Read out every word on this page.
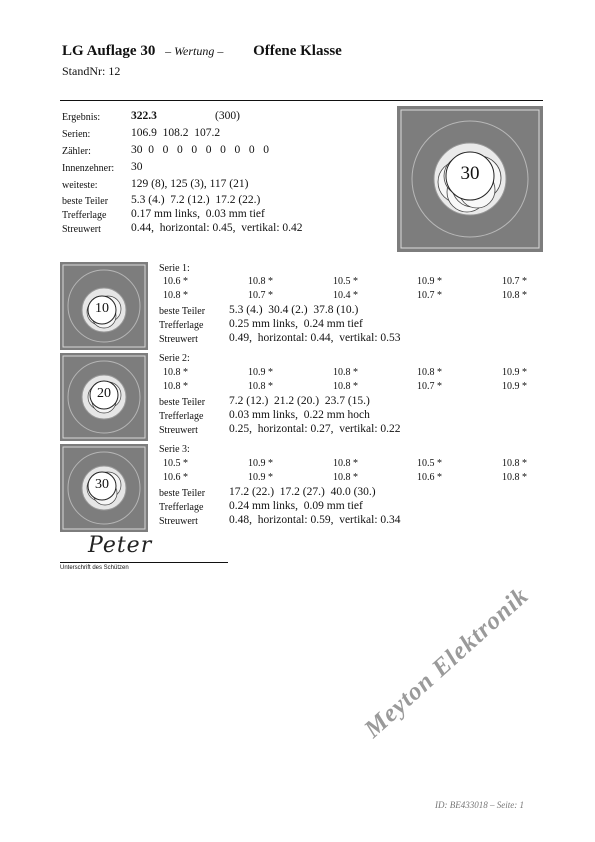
LG Auflage 30 – Wertung – Offene Klasse
StandNr: 12
Ergebnis:	322.3	(300)
Serien:	106.9  108.2  107.2
Zähler:	30  0   0   0   0   0   0   0   0   0
Innenzehner: 30
weiteste:	129 (8), 125 (3), 117 (21)
beste Teiler 5.3 (4.)  7.2 (12.)  17.2 (22.)
Trefferlage 0.17 mm links,  0.03 mm tief
Streuwert	0.44,  horizontal: 0.45,  vertikal: 0.42
30
10
Serie 1:
10.6 *	10.8 *	10.5 *	10.9 *	10.7 *
10.8 *	10.7 *	10.4 *	10.7 *	10.8 *
beste Teiler 5.3 (4.)  30.4 (2.)  37.8 (10.)
Trefferlage 0.25 mm links,  0.24 mm tief
Streuwert	0.49,  horizontal: 0.44,  vertikal: 0.53
20
Serie 2:
10.8 *	10.9 *	10.8 *	10.8 *	10.9 *
10.8 *	10.8 *	10.8 *	10.7 *	10.9 *
beste Teiler 7.2 (12.)  21.2 (20.)  23.7 (15.)
Trefferlage 0.03 mm links,  0.22 mm hoch
Streuwert	0.25,  horizontal: 0.27,  vertikal: 0.22
30
Serie 3:
10.5 *	10.9 *	10.8 *	10.5 *	10.8 *
10.6 *	10.9 *	10.8 *	10.6 *	10.8 *
beste Teiler 17.2 (22.)  17.2 (27.)  40.0 (30.)
Trefferlage 0.24 mm links,  0.09 mm tief
Streuwert	0.48,  horizontal: 0.59,  vertikal: 0.34
Peter
Unterschrift des Schützen
Meyton Elektronik
ID: BE433018 – Seite: 1
